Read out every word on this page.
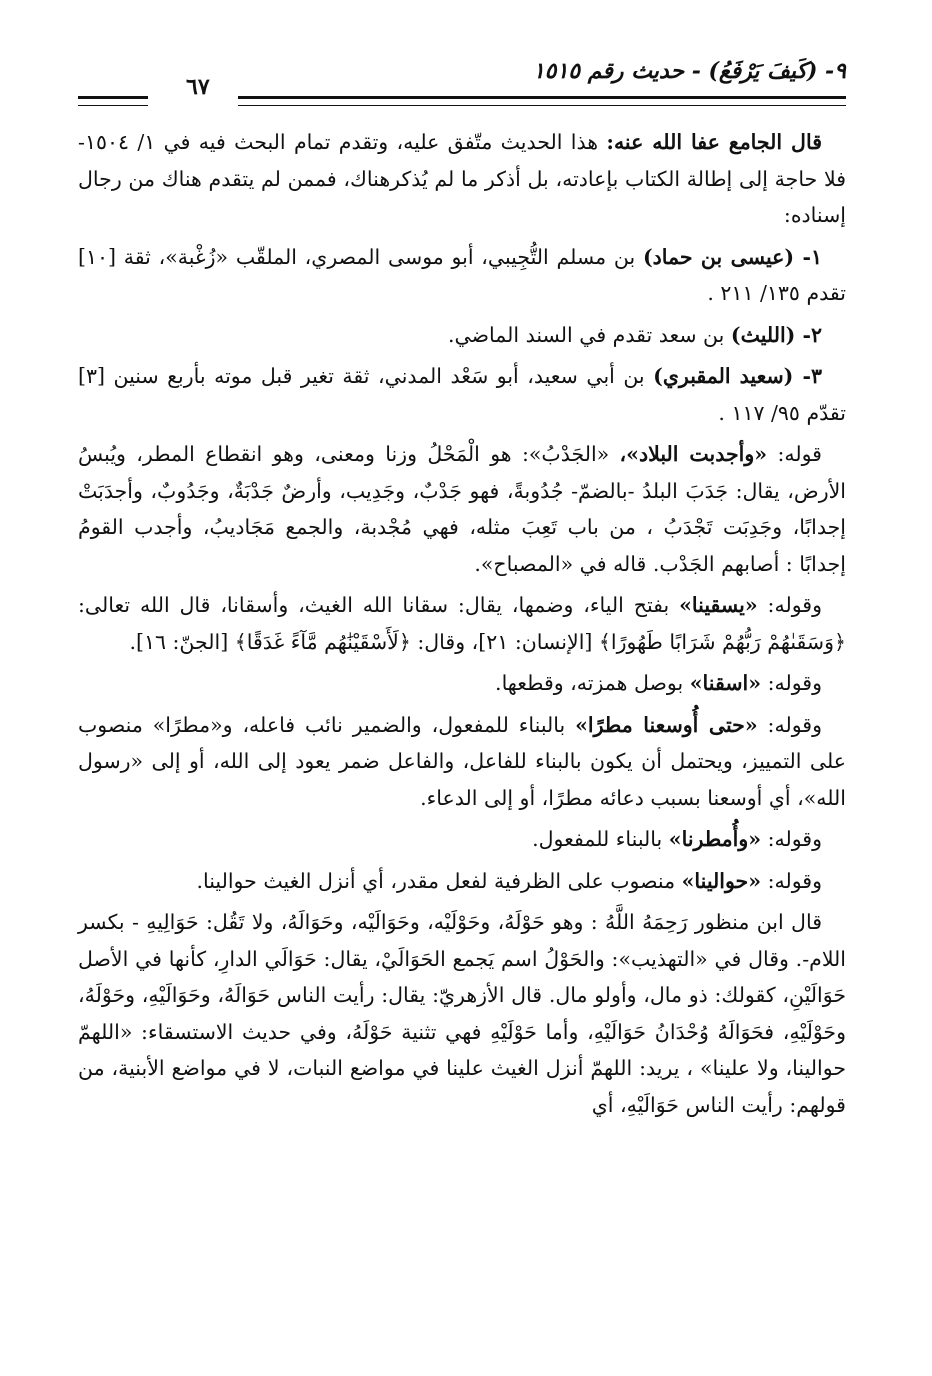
٩- (كَيفَ يَرْفَعُ) - حديث رقم ١٥١٥
٦٧

قال الجامع عفا الله عنه: هذا الحديث متّفق عليه، وتقدم تمام البحث فيه في ١/ ١٥٠٤- فلا حاجة إلى إطالة الكتاب بإعادته، بل أذكر ما لم يُذكرهناك، فممن لم يتقدم هناك من رجال إسناده:

١- (عيسى بن حماد) بن مسلم التُّجِيبي، أبو موسى المصري، الملقّب «زُغْبة»، ثقة [١٠] تقدم ١٣٥/ ٢١١ .

٢- (الليث) بن سعد تقدم في السند الماضي.

٣- (سعيد المقبري) بن أبي سعيد، أبو سَعْد المدني، ثقة تغير قبل موته بأربع سنين [٣] تقدّم ٩٥/ ١١٧ .

قوله: «وأجدبت البلاد»، «الجَدْبُ»: هو الْمَحْلُ وزنا ومعنى، وهو انقطاع المطر، ويُبسُ الأرض، يقال: جَدَبَ البلدُ -بالضمّ- جُدُوبةً، فهو جَدْبٌ، وجَدِيب، وأرضٌ جَدْبَةٌ، وجَدُوبٌ، وأجدَبَتْ إجدابًا، وجَدِبَت تَجْدَبُ ، من باب تَعِبَ مثله، فهي مُجْدبة، والجمع مَجَاديبُ، وأجدب القومُ إجدابًا : أصابهم الجَدْب. قاله في «المصباح».

وقوله: «يسقينا» بفتح الياء، وضمها، يقال: سقانا الله الغيث، وأسقانا، قال الله تعالى: ﴿وَسَقَىٰهُمْ رَبُّهُمْ شَرَابًا طَهُورًا﴾ [الإنسان: ٢١]، وقال: ﴿لَأَسْقَيْنَٰهُم مَّآءً غَدَقًا﴾ [الجنّ: ١٦].

وقوله: «اسقنا» بوصل همزته، وقطعها.

وقوله: «حتى أُوسعنا مطرًا» بالبناء للمفعول، والضمير نائب فاعله، و«مطرًا» منصوب على التمييز، ويحتمل أن يكون بالبناء للفاعل، والفاعل ضمر يعود إلى الله، أو إلى «رسول الله»، أي أوسعنا بسبب دعائه مطرًا، أو إلى الدعاء.

وقوله: «وأُمطرنا» بالبناء للمفعول.

وقوله: «حوالينا» منصوب على الظرفية لفعل مقدر، أي أنزل الغيث حوالينا.

قال ابن منظور رَحِمَهُ اللَّهُ : وهو حَوْلَهُ، وحَوْلَيْه، وحَوَالَيْه، وحَوَالَهُ، ولا تَقُل: حَوَالِيهِ - بكسر اللام-. وقال في «التهذيب»: والحَوْلُ اسم يَجمع الحَوَالَيْ، يقال: حَوَالَي الدارِ، كأنها في الأصل حَوَالَيْنِ، كقولك: ذو مال، وأولو مال. قال الأزهريّ: يقال: رأيت الناس حَوَالَهُ، وحَوَالَيْهِ، وحَوْلَهُ، وحَوْلَيْهِ، فحَوَالَهُ وُحْدَانُ حَوَالَيْهِ، وأما حَوْلَيْهِ فهي تثنية حَوْلَهُ، وفي حديث الاستسقاء: «اللهمّ حوالينا، ولا علينا» ، يريد: اللهمّ أنزل الغيث علينا في مواضع النبات، لا في مواضع الأبنية، من قولهم: رأيت الناس حَوَالَيْهِ، أي
